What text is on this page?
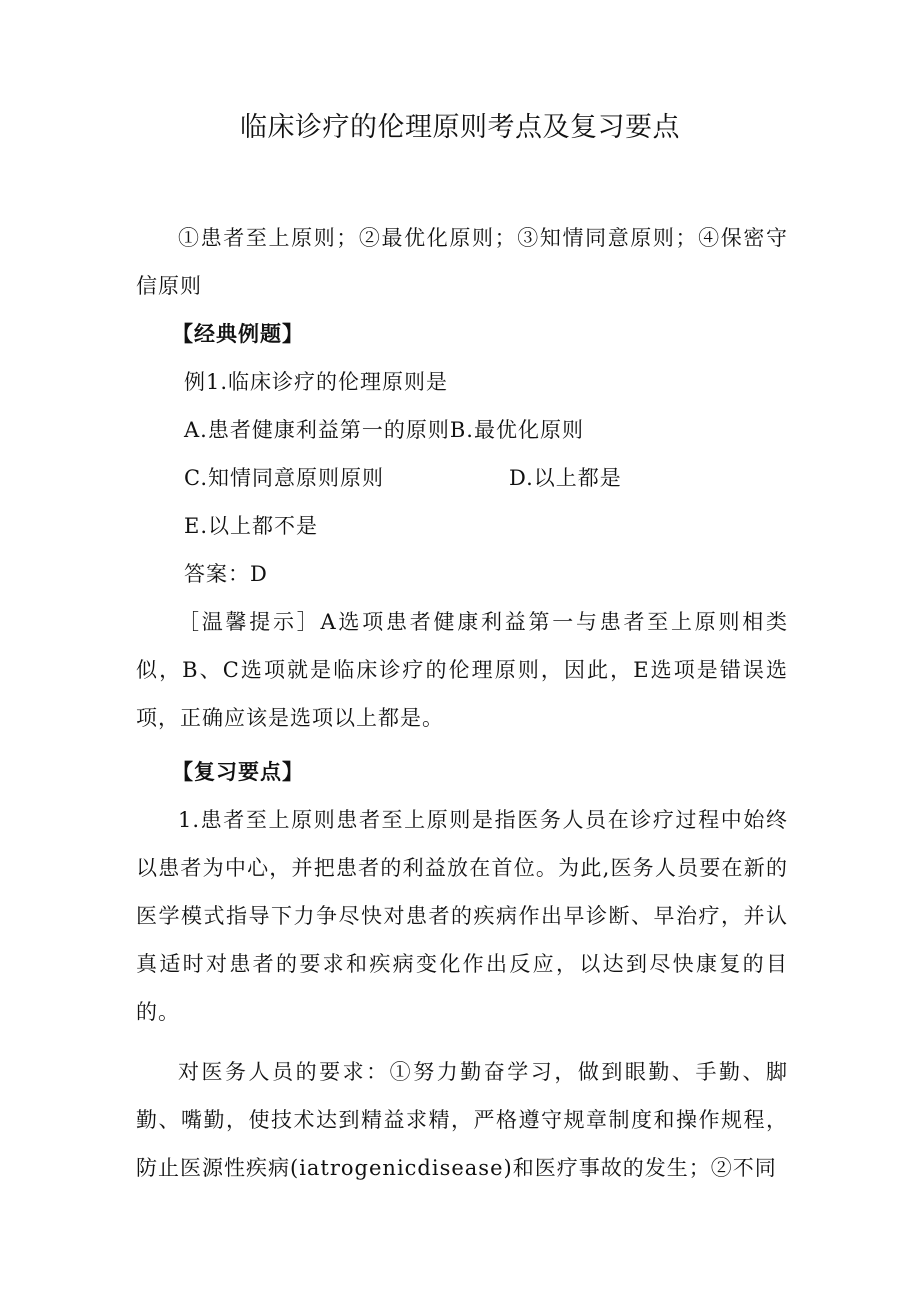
临床诊疗的伦理原则考点及复习要点

①患者至上原则；②最优化原则；③知情同意原则；④保密守信原则

【经典例题】

例1.临床诊疗的伦理原则是

A.患者健康利益第一的原则B.最优化原则

C.知情同意原则原则	D.以上都是

E.以上都不是

答案：D

［温馨提示］A选项患者健康利益第一与患者至上原则相类似，B、C选项就是临床诊疗的伦理原则，因此，E选项是错误选项，正确应该是选项以上都是。

【复习要点】

1.患者至上原则患者至上原则是指医务人员在诊疗过程中始终以患者为中心，并把患者的利益放在首位。为此,医务人员要在新的医学模式指导下力争尽快对患者的疾病作出早诊断、早治疗，并认真适时对患者的要求和疾病变化作出反应，以达到尽快康复的目的。

对医务人员的要求：①努力勤奋学习，做到眼勤、手勤、脚勤、嘴勤，使技术达到精益求精，严格遵守规章制度和操作规程，防止医源性疾病(iatrogenicdisease)和医疗事故的发生；②不同
